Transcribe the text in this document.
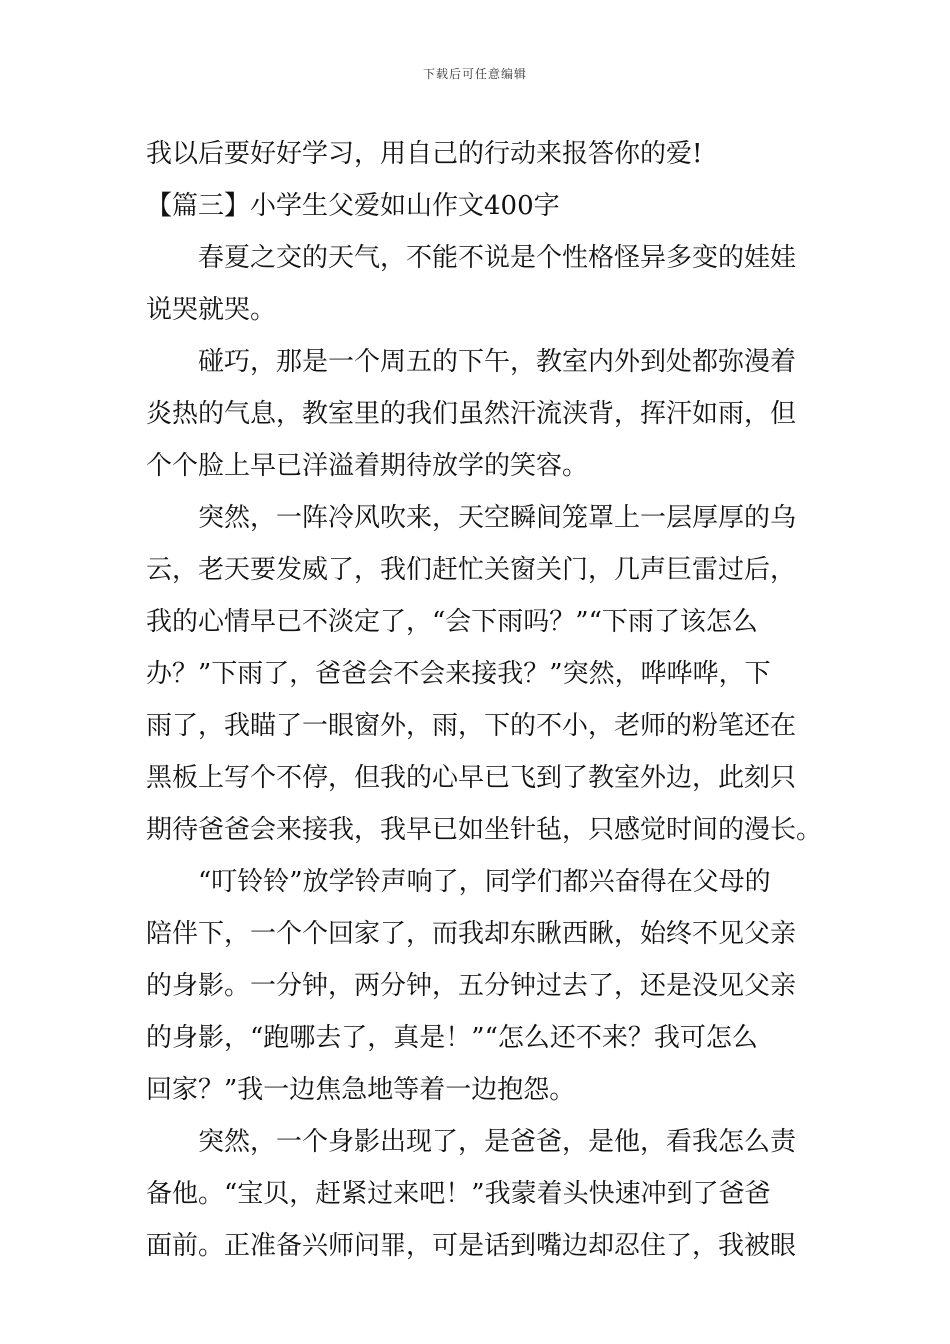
下载后可任意编辑
我以后要好好学习，用自己的行动来报答你的爱!
【篇三】小学生父爱如山作文400字
春夏之交的天气，不能不说是个性格怪异多变的娃娃
说哭就哭。
碰巧，那是一个周五的下午，教室内外到处都弥漫着
炎热的气息，教室里的我们虽然汗流浃背，挥汗如雨，但
个个脸上早已洋溢着期待放学的笑容。
突然，一阵冷风吹来，天空瞬间笼罩上一层厚厚的乌
云，老天要发威了，我们赶忙关窗关门，几声巨雷过后，
我的心情早已不淡定了，“会下雨吗？”“下雨了该怎么
办？”下雨了，爸爸会不会来接我？”突然，哗哗哗，下
雨了，我瞄了一眼窗外，雨，下的不小，老师的粉笔还在
黑板上写个不停，但我的心早已飞到了教室外边，此刻只
期待爸爸会来接我，我早已如坐针毡，只感觉时间的漫长。
“叮铃铃”放学铃声响了，同学们都兴奋得在父母的
陪伴下，一个个回家了，而我却东瞅西瞅，始终不见父亲
的身影。一分钟，两分钟，五分钟过去了，还是没见父亲
的身影，“跑哪去了，真是！”“怎么还不来？我可怎么
回家？”我一边焦急地等着一边抱怨。
突然，一个身影出现了，是爸爸，是他，看我怎么责
备他。“宝贝，赶紧过来吧！”我蒙着头快速冲到了爸爸
面前。正准备兴师问罪，可是话到嘴边却忍住了，我被眼
